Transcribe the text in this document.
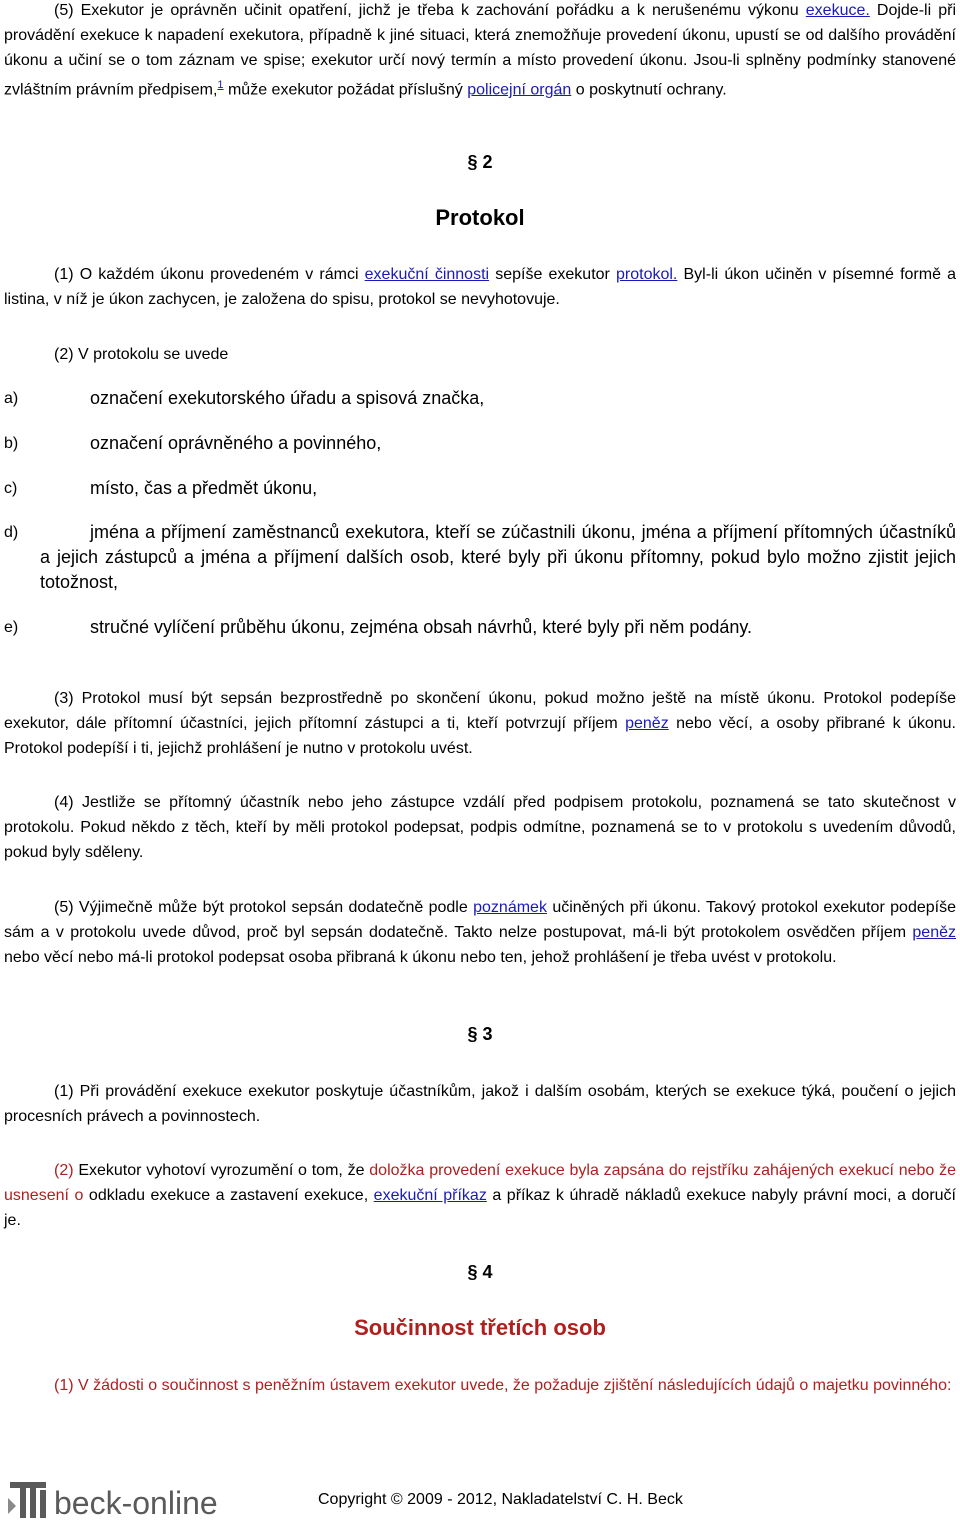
(5) Exekutor je oprávněn učinit opatření, jichž je třeba k zachování pořádku a k nerušenému výkonu exekuce. Dojde-li při provádění exekuce k napadení exekutora, případně k jiné situaci, která znemožňuje provedení úkonu, upustí se od dalšího provádění úkonu a učiní se o tom záznam ve spise; exekutor určí nový termín a místo provedení úkonu. Jsou-li splněny podmínky stanovené zvláštním právním předpisem,$^1$ může exekutor požádat příslušný policejní orgán o poskytnutí ochrany.

§ 2
Protokol

(1) O každém úkonu provedeném v rámci exekuční činnosti sepíše exekutor protokol. Byl-li úkon učiněn v písemné formě a listina, v níž je úkon zachycen, je založena do spisu, protokol se nevyhotovuje.

(2) V protokolu se uvede

a)	označení exekutorského úřadu a spisová značka,
b)	označení oprávněného a povinného,
c)	místo, čas a předmět úkonu,
d)	jména a příjmení zaměstnanců exekutora, kteří se zúčastnili úkonu, jména a příjmení přítomných účastníků a jejich zástupců a jména a příjmení dalších osob, které byly při úkonu přítomny, pokud bylo možno zjistit jejich totožnost,
e)	stručné vylíčení průběhu úkonu, zejména obsah návrhů, které byly při něm podány.

(3) Protokol musí být sepsán bezprostředně po skončení úkonu, pokud možno ještě na místě úkonu. Protokol podepíše exekutor, dále přítomní účastníci, jejich přítomní zástupci a ti, kteří potvrzují příjem peněz nebo věcí, a osoby přibrané k úkonu. Protokol podepíší i ti, jejichž prohlášení je nutno v protokolu uvést.

(4) Jestliže se přítomný účastník nebo jeho zástupce vzdálí před podpisem protokolu, poznamená se tato skutečnost v protokolu. Pokud někdo z těch, kteří by měli protokol podepsat, podpis odmítne, poznamená se to v protokolu s uvedením důvodů, pokud byly sděleny.

(5) Výjimečně může být protokol sepsán dodatečně podle poznámek učiněných při úkonu. Takový protokol exekutor podepíše sám a v protokolu uvede důvod, proč byl sepsán dodatečně. Takto nelze postupovat, má-li být protokolem osvědčen příjem peněz nebo věcí nebo má-li protokol podepsat osoba přibraná k úkonu nebo ten, jehož prohlášení je třeba uvést v protokolu.

§ 3

(1) Při provádění exekuce exekutor poskytuje účastníkům, jakož i dalším osobám, kterých se exekuce týká, poučení o jejich procesních právech a povinnostech.

(2) Exekutor vyhotoví vyrozumění o tom, že doložka provedení exekuce byla zapsána do rejstříku zahájených exekucí nebo že usnesení o odkladu exekuce a zastavení exekuce, exekuční příkaz a příkaz k úhradě nákladů exekuce nabyly právní moci, a doručí je.

§ 4
Součinnost třetích osob

(1) V žádosti o součinnost s peněžním ústavem exekutor uvede, že požaduje zjištění následujících údajů o majetku povinného:

beck-online	Copyright © 2009 - 2012, Nakladatelství C. H. Beck
